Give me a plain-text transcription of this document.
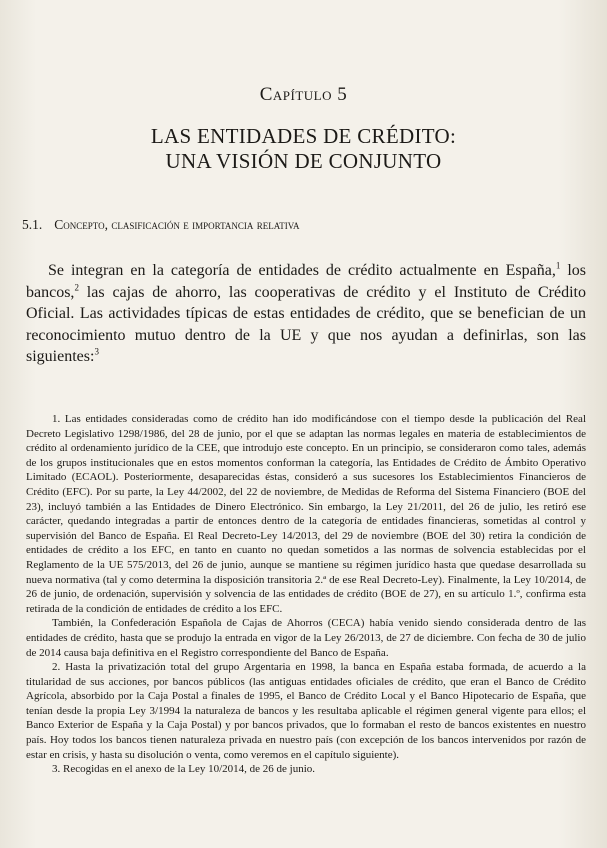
Capítulo 5
LAS ENTIDADES DE CRÉDITO:
UNA VISIÓN DE CONJUNTO
5.1. Concepto, clasificación e importancia relativa

Se integran en la categoría de entidades de crédito actualmente en España,$^1$ los bancos,$^2$ las cajas de ahorro, las cooperativas de crédito y el Instituto de Crédito Oficial. Las actividades típicas de estas entidades de crédito, que se benefician de un reconocimiento mutuo dentro de la UE y que nos ayudan a definirlas, son las siguientes:$^3$

1. Las entidades consideradas como de crédito han ido modificándose con el tiempo desde la publicación del Real Decreto Legislativo 1298/1986, del 28 de junio, por el que se adaptan las normas legales en materia de establecimientos de crédito al ordenamiento jurídico de la CEE, que introdujo este concepto. En un principio, se consideraron como tales, además de los grupos institucionales que en estos momentos conforman la categoría, las Entidades de Crédito de Ámbito Operativo Limitado (ECAOL). Posteriormente, desaparecidas éstas, consideró a sus sucesores los Establecimientos Financieros de Crédito (EFC). Por su parte, la Ley 44/2002, del 22 de noviembre, de Medidas de Reforma del Sistema Financiero (BOE del 23), incluyó también a las Entidades de Dinero Electrónico. Sin embargo, la Ley 21/2011, del 26 de julio, les retiró ese carácter, quedando integradas a partir de entonces dentro de la categoría de entidades financieras, sometidas al control y supervisión del Banco de España. El Real Decreto-Ley 14/2013, del 29 de noviembre (BOE del 30) retira la condición de entidades de crédito a los EFC, en tanto en cuanto no quedan sometidos a las normas de solvencia establecidas por el Reglamento de la UE 575/2013, del 26 de junio, aunque se mantiene su régimen jurídico hasta que quedase desarrollada su nueva normativa (tal y como determina la disposición transitoria 2.ª de ese Real Decreto-Ley). Finalmente, la Ley 10/2014, de 26 de junio, de ordenación, supervisión y solvencia de las entidades de crédito (BOE de 27), en su artículo 1.º, confirma esta retirada de la condición de entidades de crédito a los EFC.

También, la Confederación Española de Cajas de Ahorros (CECA) había venido siendo considerada dentro de las entidades de crédito, hasta que se produjo la entrada en vigor de la Ley 26/2013, de 27 de diciembre. Con fecha de 30 de julio de 2014 causa baja definitiva en el Registro correspondiente del Banco de España.

2. Hasta la privatización total del grupo Argentaria en 1998, la banca en España estaba formada, de acuerdo a la titularidad de sus acciones, por bancos públicos (las antiguas entidades oficiales de crédito, que eran el Banco de Crédito Agrícola, absorbido por la Caja Postal a finales de 1995, el Banco de Crédito Local y el Banco Hipotecario de España, que tenían desde la propia Ley 3/1994 la naturaleza de bancos y les resultaba aplicable el régimen general vigente para ellos; el Banco Exterior de España y la Caja Postal) y por bancos privados, que lo formaban el resto de bancos existentes en nuestro país. Hoy todos los bancos tienen naturaleza privada en nuestro país (con excepción de los bancos intervenidos por razón de estar en crisis, y hasta su disolución o venta, como veremos en el capítulo siguiente).

3. Recogidas en el anexo de la Ley 10/2014, de 26 de junio.
